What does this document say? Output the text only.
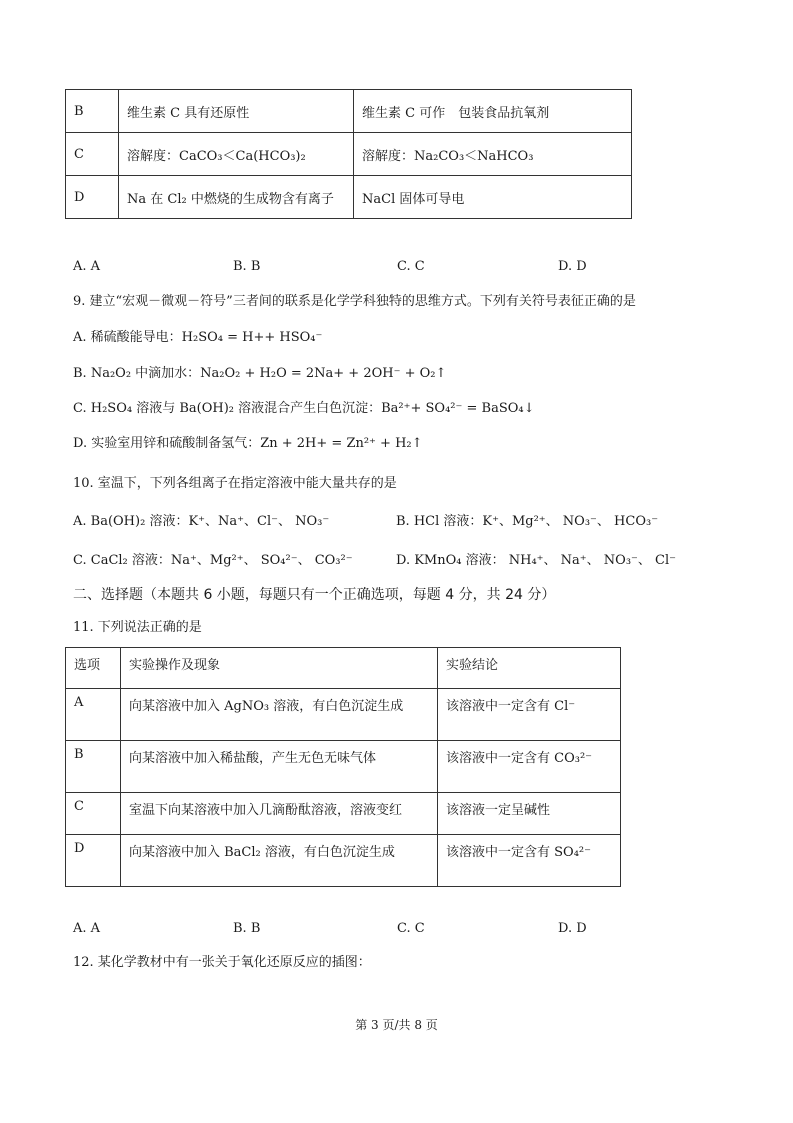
B	维生素 C 具有还原性	维生素 C 可作　包装食品抗氧剂
C	溶解度：CaCO₃＜Ca(HCO₃)₂	溶解度：Na₂CO₃＜NaHCO₃
D	Na 在 Cl₂ 中燃烧的生成物含有离子	NaCl 固体可导电
A. A	B. B	C. C	D. D
9. 建立“宏观－微观－符号”三者间的联系是化学学科独特的思维方式。下列有关符号表征正确的是
A. 稀硫酸能导电：H₂SO₄ = H++ HSO₄⁻
B. Na₂O₂ 中滴加水：Na₂O₂ + H₂O = 2Na+ + 2OH⁻ + O₂↑
C. H₂SO₄ 溶液与 Ba(OH)₂ 溶液混合产生白色沉淀：Ba²⁺+ SO₄²⁻ = BaSO₄↓
D. 实验室用锌和硫酸制备氢气：Zn + 2H+ = Zn²⁺ + H₂↑
10. 室温下，下列各组离子在指定溶液中能大量共存的是
A. Ba(OH)₂ 溶液：K⁺、Na⁺、Cl⁻、 NO₃⁻	B. HCl 溶液：K⁺、Mg²⁺、 NO₃⁻、 HCO₃⁻
C. CaCl₂ 溶液：Na⁺、Mg²⁺、 SO₄²⁻、 CO₃²⁻	D. KMnO₄ 溶液： NH₄⁺、 Na⁺、 NO₃⁻、 Cl⁻
二、选择题（本题共 6 小题，每题只有一个正确选项，每题 4 分，共 24 分）
11. 下列说法正确的是
选项	实验操作及现象	实验结论
A	向某溶液中加入 AgNO₃ 溶液，有白色沉淀生成	该溶液中一定含有 Cl⁻
B	向某溶液中加入稀盐酸，产生无色无味气体	该溶液中一定含有 CO₃²⁻
C	室温下向某溶液中加入几滴酚酞溶液，溶液变红	该溶液一定呈碱性
D	向某溶液中加入 BaCl₂ 溶液，有白色沉淀生成	该溶液中一定含有 SO₄²⁻
A. A	B. B	C. C	D. D
12. 某化学教材中有一张关于氧化还原反应的插图：
第 3 页/共 8 页
